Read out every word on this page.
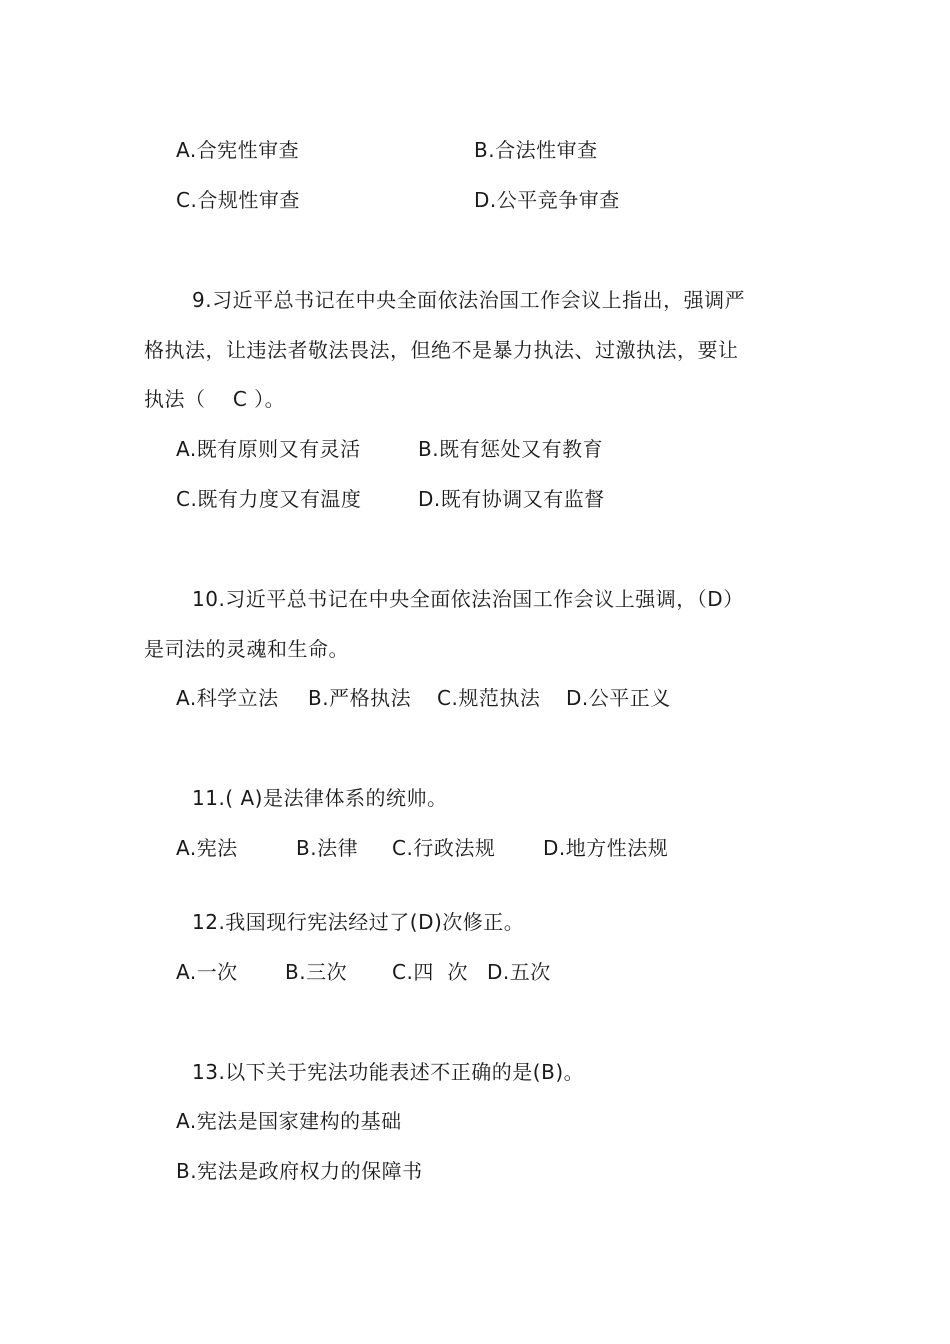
A.合宪性审查	B.合法性审查
C.合规性审查	D.公平竞争审查
9.习近平总书记在中央全面依法治国工作会议上指出，强调严
格执法，让违法者敬法畏法，但绝不是暴力执法、过激执法，要让
执法（　 C ）。
A.既有原则又有灵活	B.既有惩处又有教育
C.既有力度又有温度	D.既有协调又有监督
10.习近平总书记在中央全面依法治国工作会议上强调，（D）
是司法的灵魂和生命。
A.科学立法 B.严格执法 C.规范执法 D.公平正义
11.( A)是法律体系的统帅。
A.宪法	B.法律 C.行政法规 D.地方性法规
12.我国现行宪法经过了(D)次修正。
A.一次 B.三次 C.四  次 D.五次
13.以下关于宪法功能表述不正确的是(B)。
A.宪法是国家建构的基础
B.宪法是政府权力的保障书
